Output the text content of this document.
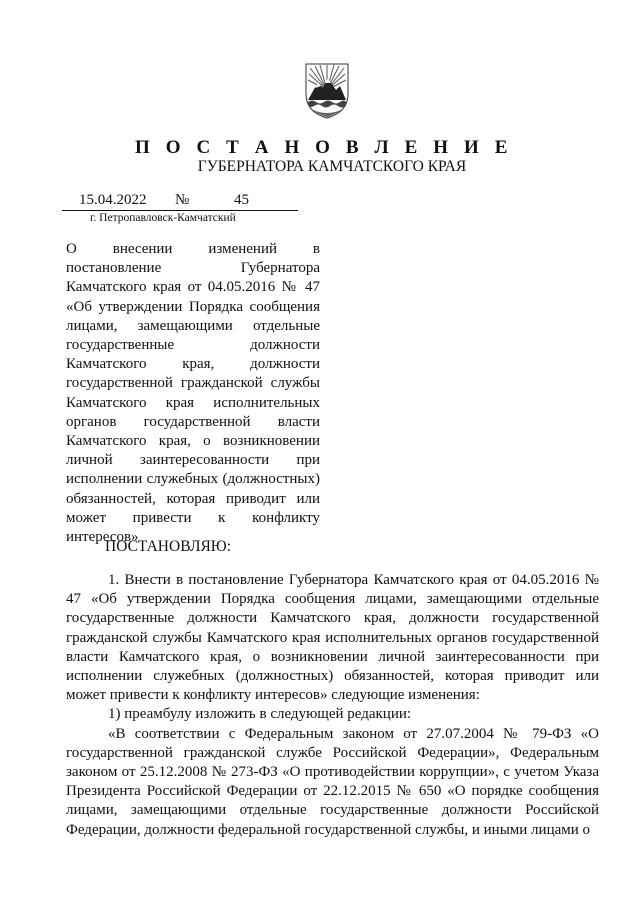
П О С Т А Н О В Л Е Н И Е
ГУБЕРНАТОРА КАМЧАТСКОГО КРАЯ
15.04.2022 №	45
г. Петропавловск-Камчатский
О внесении изменений в постановление Губернатора Камчатского края от 04.05.2016 № 47 «Об утверждении Порядка сообщения лицами, замещающими отдельные государственные должности Камчатского края, должности государственной гражданской службы Камчатского края исполнительных органов государственной власти Камчатского края, о возникновении личной заинтересованности при исполнении служебных (должностных) обязанностей, которая приводит или может привести к конфликту интересов»
ПОСТАНОВЛЯЮ:

1. Внести в постановление Губернатора Камчатского края от 04.05.2016 № 47 «Об утверждении Порядка сообщения лицами, замещающими отдельные государственные должности Камчатского края, должности государственной гражданской службы Камчатского края исполнительных органов государственной власти Камчатского края, о возникновении личной заинтересованности при исполнении служебных (должностных) обязанностей, которая приводит или может привести к конфликту интересов» следующие изменения:

1) преамбулу изложить в следующей редакции:

«В соответствии с Федеральным законом от 27.07.2004 № 79-ФЗ «О государственной гражданской службе Российской Федерации», Федеральным законом от 25.12.2008 № 273-ФЗ «О противодействии коррупции», с учетом Указа Президента Российской Федерации от 22.12.2015 № 650 «О порядке сообщения лицами, замещающими отдельные государственные должности Российской Федерации, должности федеральной государственной службы, и иными лицами о
